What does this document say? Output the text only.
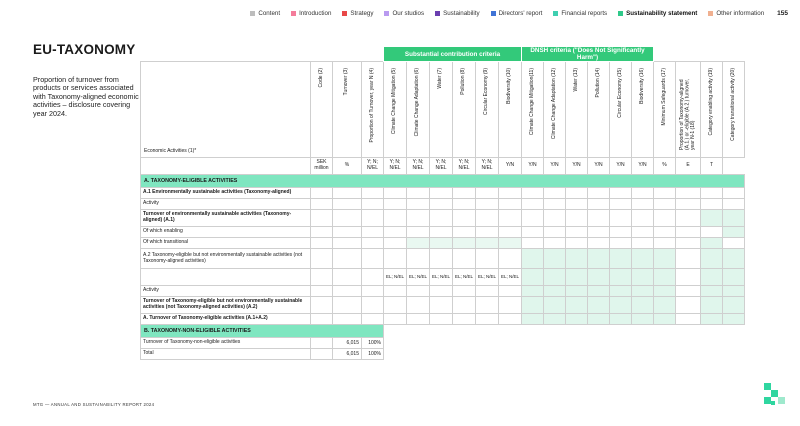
Content	Introduction	Strategy	Our studios	Sustainability	Directors' report	Financial reports	Sustainability statement	Other information 155
EU-TAXONOMY
Proportion of turnover from products or services associated with Taxonomy-aligned economic activities – disclosure covering year 2024.
				Substantial contribution criteria						DNSH criteria ("Does Not Significantly Harm")									
Economic Activities (1)*	Code (2)	Turnover (3)	Proportion of Turnover, year N (4)	Climate Change Mitigation (5)	Climate Change Adaptation (6)	Water (7)	Pollution (8)	Circular Economy (9)	Biodiversity (10)	Climate Change Mitigation(11)	Climate Change Adaptation (12)	Water (13)	Pollution (14)	Circular Economy (15)	Biodiversity (16)	Minimum Safeguards (17)	Proportion of Taxonomy-aligned (A.1.) or -eligible (A.2.) turnover, year N-1 (18)	Category enabling activity (19)	Category transitional activity (20)

	SEK million	%	Y; N; N/EL	Y; N; N/EL	Y; N; N/EL	Y; N; N/EL	Y; N; N/EL	Y; N; N/EL	Y/N	Y/N	Y/N	Y/N	Y/N	Y/N	Y/N	%	E	T	
A. TAXONOMY-ELIGIBLE ACTIVITIES																			
A.1 Environmentally sustainable activities (Taxonomy-aligned)																			
Activity																			
Turnover of environmentally sustainable activities (Taxonomy-aligned) (A.1)																			
Of which enabling																			
Of which transitional																			
A.2 Taxonomy-eligible but not environmentally sustainable activities (not Taxonomy-aligned activities)																			
				EL; N/EL	EL; N/EL	EL; N/EL	EL; N/EL	EL; N/EL	EL; N/EL										
Activity																			
Turnover of Taxonomy-eligible but not environmentally sustainable activities (not Taxonomy-aligned activities) (A.2)																			
A. Turnover of Taxonomy-eligible activities (A.1+A.2)																			
B. TAXONOMY-NON-ELIGIBLE ACTIVITIES																			
Turnover of Taxonomy-non-eligible activities		6,015	100%																
Total		6,015	100%																
MTG — ANNUAL AND SUSTAINABILITY REPORT 2024
